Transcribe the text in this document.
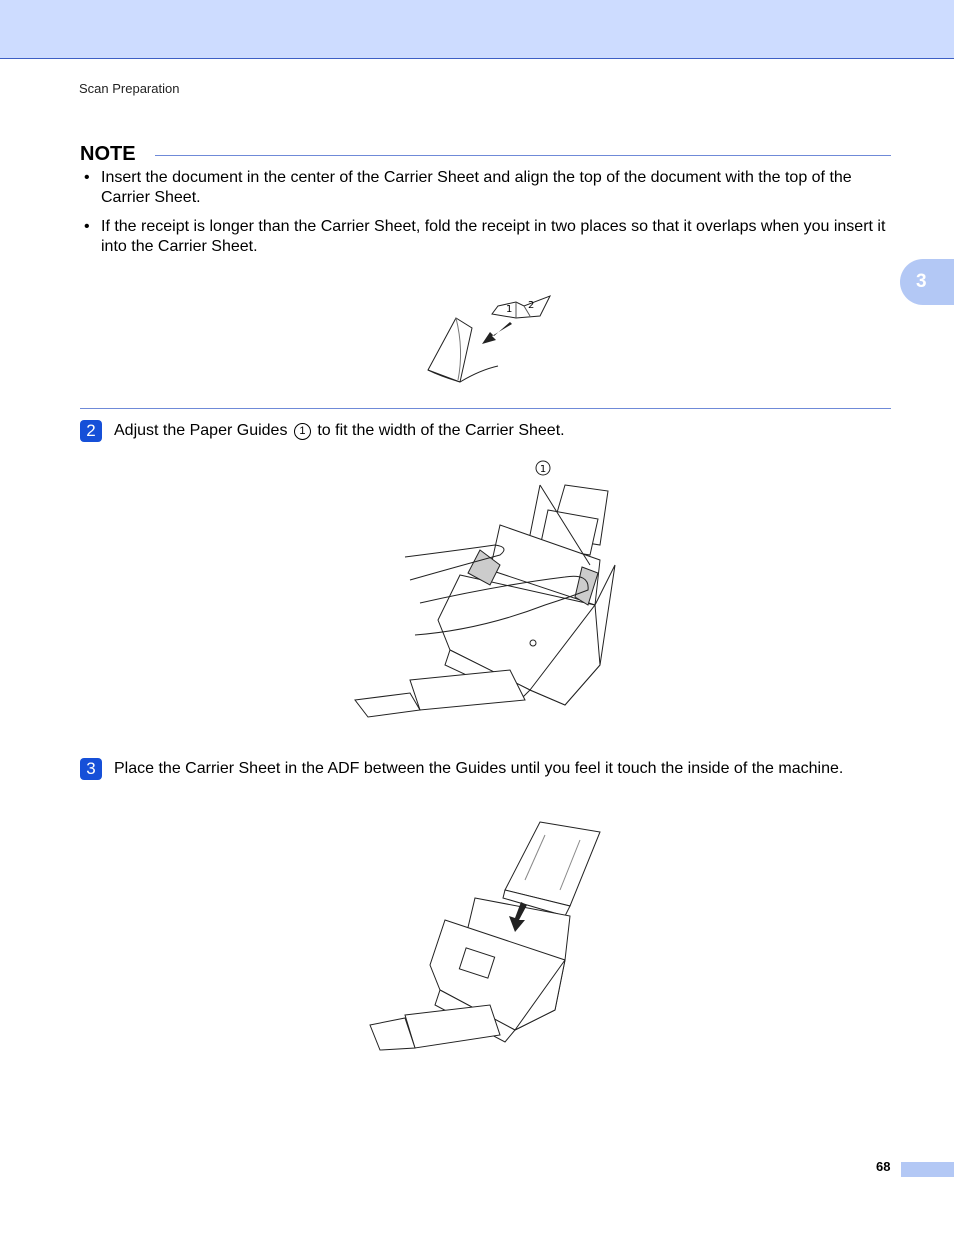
Scan Preparation
3
NOTE
• Insert the document in the center of the Carrier Sheet and align the top of the document with the top of the Carrier Sheet.
• If the receipt is longer than the Carrier Sheet, fold the receipt in two places so that it overlaps when you insert it into the Carrier Sheet.
1 2
2	Adjust the Paper Guides 1 to fit the width of the Carrier Sheet.
1
3	Place the Carrier Sheet in the ADF between the Guides until you feel it touch the inside of the machine.
68
